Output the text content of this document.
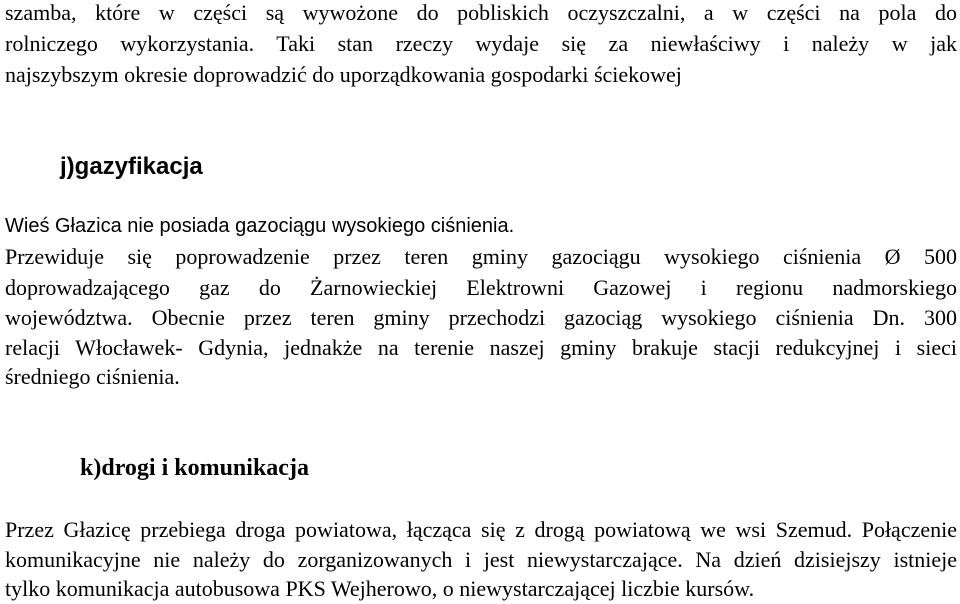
szamba, które w części są wywożone do pobliskich oczyszczalni, a w części na pola do
rolniczego wykorzystania. Taki stan rzeczy wydaje się za niewłaściwy i należy w jak
najszybszym okresie doprowadzić do uporządkowania gospodarki ściekowej
j)gazyfikacja
Wieś Głazica nie posiada gazociągu wysokiego ciśnienia.
Przewiduje się poprowadzenie przez teren gminy gazociągu wysokiego ciśnienia Ø 500
doprowadzającego gaz do Żarnowieckiej Elektrowni Gazowej i regionu nadmorskiego
województwa. Obecnie przez teren gminy przechodzi gazociąg wysokiego ciśnienia Dn. 300
relacji Włocławek- Gdynia, jednakże na terenie naszej gminy brakuje stacji redukcyjnej i sieci
średniego ciśnienia.
k)drogi i komunikacja
Przez Głazicę przebiega droga powiatowa, łącząca się z drogą powiatową we wsi Szemud. Połączenie
komunikacyjne nie należy do zorganizowanych i jest niewystarczające. Na dzień dzisiejszy istnieje
tylko komunikacja autobusowa PKS Wejherowo, o niewystarczającej liczbie kursów.
